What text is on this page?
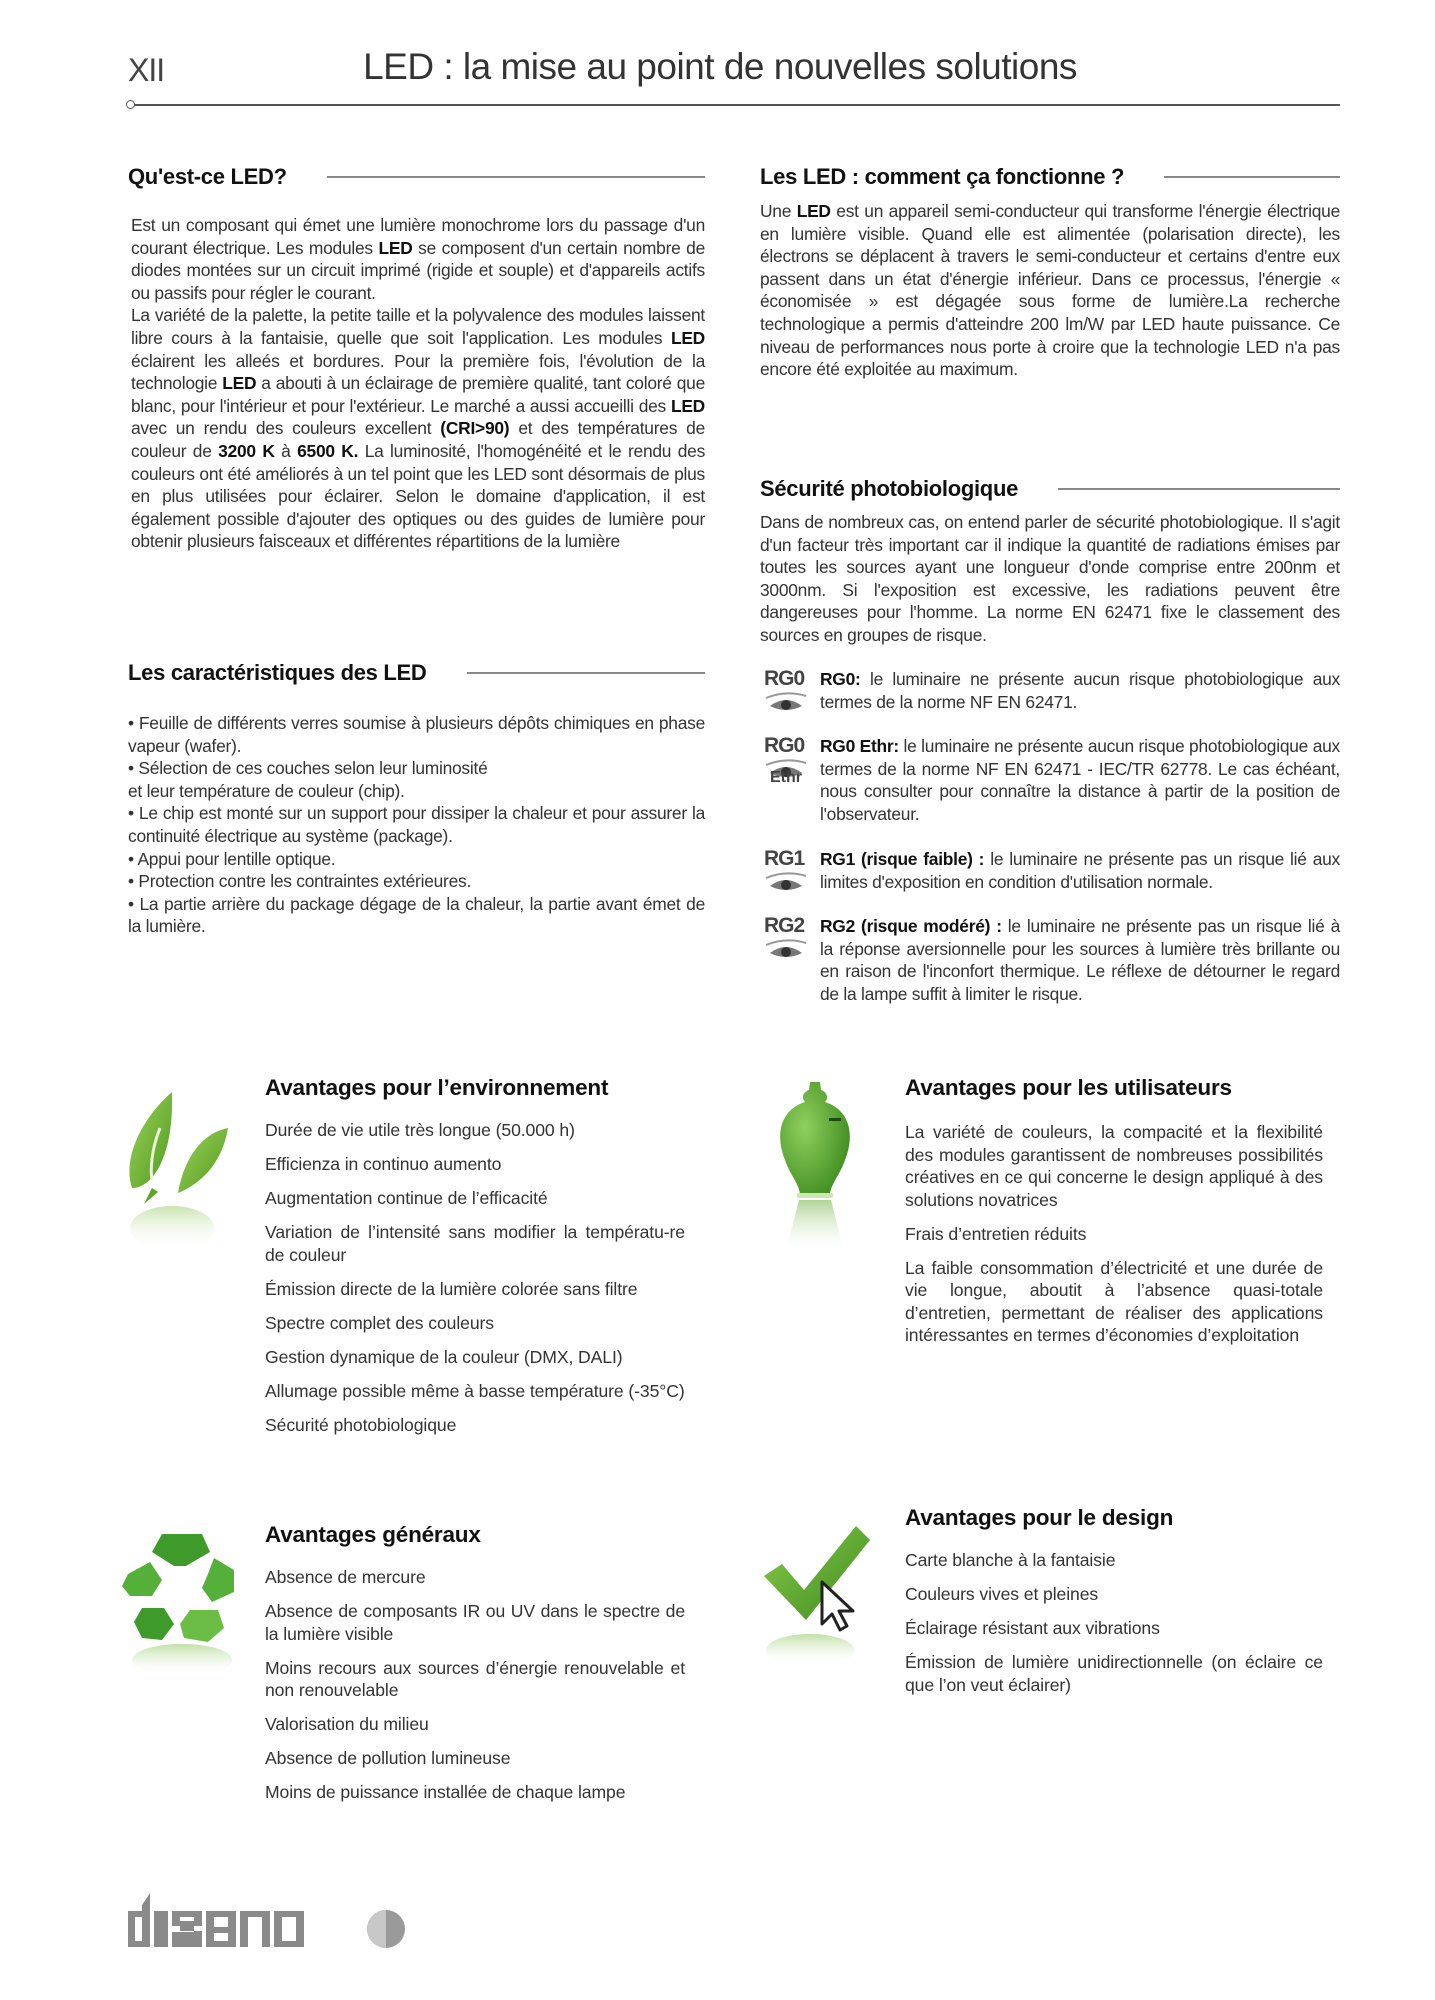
XII	LED : la mise au point de nouvelles solutions
Qu'est-ce LED?

Est un composant qui émet une lumière monochrome lors du passage d'un courant électrique. Les modules LED se composent d'un certain nombre de diodes montées sur un circuit imprimé (rigide et souple) et d'appareils actifs ou passifs pour régler le courant.

La variété de la palette, la petite taille et la polyvalence des modules laissent libre cours à la fantaisie, quelle que soit l'application. Les modules LED éclairent les alleés et bordures. Pour la première fois, l'évolution de la technologie LED a abouti à un éclairage de première qualité, tant coloré que blanc, pour l'intérieur et pour l'extérieur. Le marché a aussi accueilli des LED avec un rendu des couleurs excellent (CRI>90) et des températures de couleur de 3200 K à 6500 K. La luminosité, l'homogénéité et le rendu des couleurs ont été améliorés à un tel point que les LED sont désormais de plus en plus utilisées pour éclairer. Selon le domaine d'application, il est également possible d'ajouter des optiques ou des guides de lumière pour obtenir plusieurs faisceaux et différentes répartitions de la lumière

Les caractéristiques des LED
• Feuille de différents verres soumise à plusieurs dépôts chimiques en phase vapeur (wafer).
• Sélection de ces couches selon leur luminosité
et leur température de couleur (chip).
• Le chip est monté sur un support pour dissiper la chaleur et pour assurer la continuité électrique au système (package).
• Appui pour lentille optique.
• Protection contre les contraintes extérieures.
• La partie arrière du package dégage de la chaleur, la partie avant émet de la lumière.
Les LED : comment ça fonctionne ?

Une LED est un appareil semi-conducteur qui transforme l'énergie électrique en lumière visible. Quand elle est alimentée (polarisation directe), les électrons se déplacent à travers le semi-conducteur et certains d'entre eux passent dans un état d'énergie inférieur. Dans ce processus, l'énergie « économisée » est dégagée sous forme de lumière.La recherche technologique a permis d'atteindre 200 lm/W par LED haute puissance. Ce niveau de performances nous porte à croire que la technologie LED n'a pas encore été exploitée au maximum.

Sécurité photobiologique

Dans de nombreux cas, on entend parler de sécurité photobiologique. Il s'agit d'un facteur très important car il indique la quantité de radiations émises par toutes les sources ayant une longueur d'onde comprise entre 200nm et 3000nm. Si l'exposition est excessive, les radiations peuvent être dangereuses pour l'homme. La norme EN 62471 fixe le classement des sources en groupes de risque.

RG0 RG0: le luminaire ne présente aucun risque photobiologique aux termes de la norme NF EN 62471.
RG0
Ethr
RG0 Ethr: le luminaire ne présente aucun risque photobiologique aux termes de la norme NF EN 62471 - IEC/TR 62778. Le cas échéant, nous consulter pour connaître la distance à partir de la position de l'observateur.
RG1 RG1 (risque faible) : le luminaire ne présente pas un risque lié aux limites d'exposition en condition d'utilisation normale.
RG2 RG2 (risque modéré) : le luminaire ne présente pas un risque lié à la réponse aversionnelle pour les sources à lumière très brillante ou en raison de l'inconfort thermique. Le réflexe de détourner le regard de la lampe suffit à limiter le risque.
Avantages pour l’environnement
Durée de vie utile très longue (50.000 h)
Efficienza in continuo aumento
Augmentation continue de l’efficacité
Variation de l’intensité sans modifier la températu-re de couleur
Émission directe de la lumière colorée sans filtre
Spectre complet des couleurs
Gestion dynamique de la couleur (DMX, DALI)
Allumage possible même à basse température (-35°C)
Sécurité photobiologique
Avantages pour les utilisateurs
La variété de couleurs, la compacité et la flexibilité des modules garantissent de nombreuses possibilités créatives en ce qui concerne le design appliqué à des solutions novatrices
Frais d’entretien réduits
La faible consommation d’électricité et une durée de vie longue, aboutit à l’absence quasi-totale d’entretien, permettant de réaliser des applications intéressantes en termes d’économies d’exploitation
Avantages généraux
Absence de mercure
Absence de composants IR ou UV dans le spectre de la lumière visible
Moins recours aux sources d’énergie renouvelable et non renouvelable
Valorisation du milieu
Absence de pollution lumineuse
Moins de puissance installée de chaque lampe
Avantages pour le design
Carte blanche à la fantaisie
Couleurs vives et pleines
Éclairage résistant aux vibrations
Émission de lumière unidirectionnelle (on éclaire ce que l’on veut éclairer)
